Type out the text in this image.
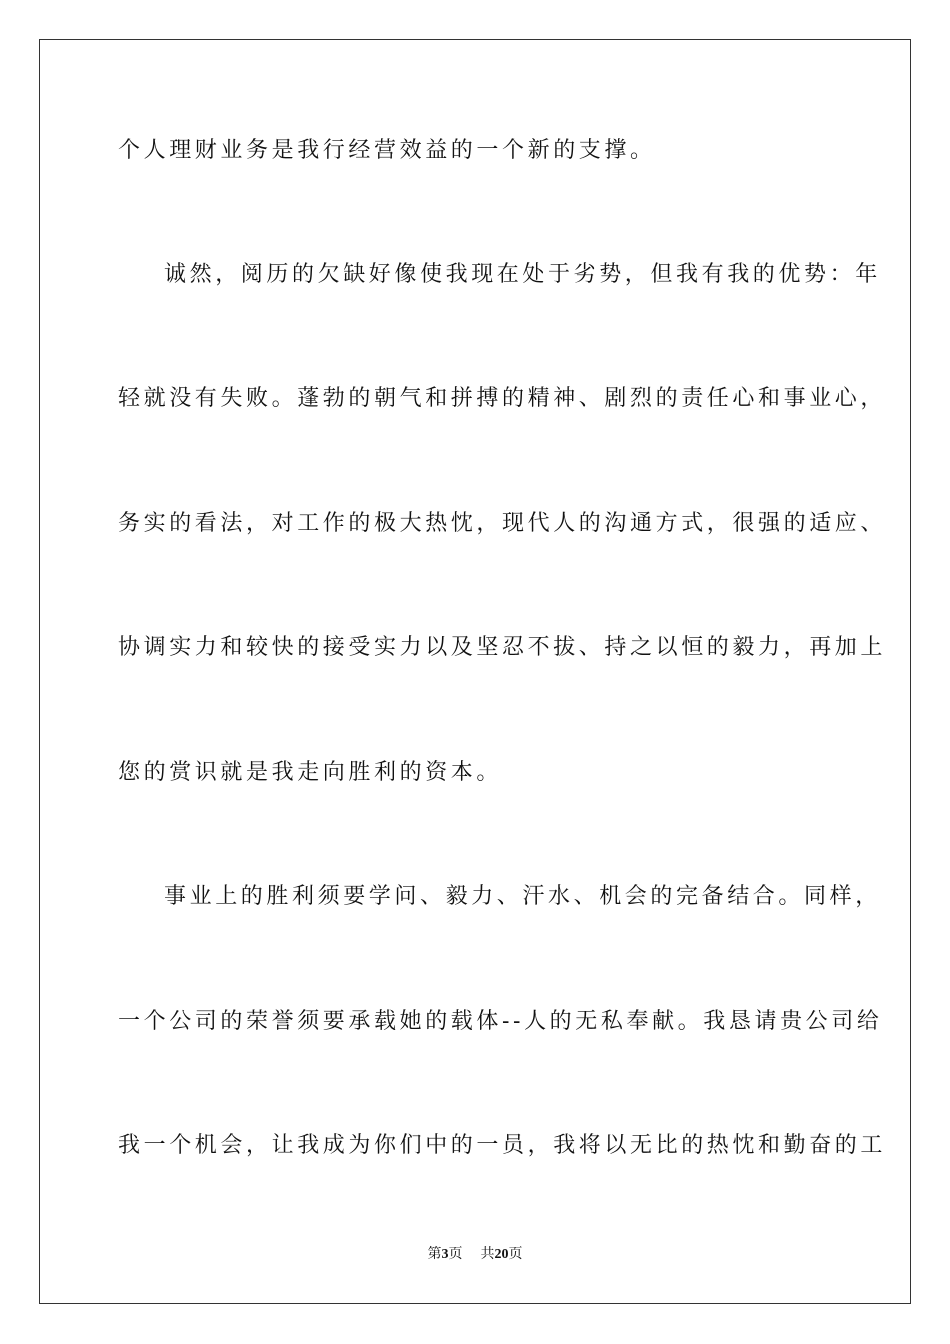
个人理财业务是我行经营效益的一个新的支撑。
诚然，阅历的欠缺好像使我现在处于劣势，但我有我的优势：年
轻就没有失败。蓬勃的朝气和拼搏的精神、剧烈的责任心和事业心，
务实的看法，对工作的极大热忱，现代人的沟通方式，很强的适应、
协调实力和较快的接受实力以及坚忍不拔、持之以恒的毅力，再加上
您的赏识就是我走向胜利的资本。
事业上的胜利须要学问、毅力、汗水、机会的完备结合。同样，
一个公司的荣誉须要承载她的载体--人的无私奉献。我恳请贵公司给
我一个机会，让我成为你们中的一员，我将以无比的热忱和勤奋的工
第3页 共20页
